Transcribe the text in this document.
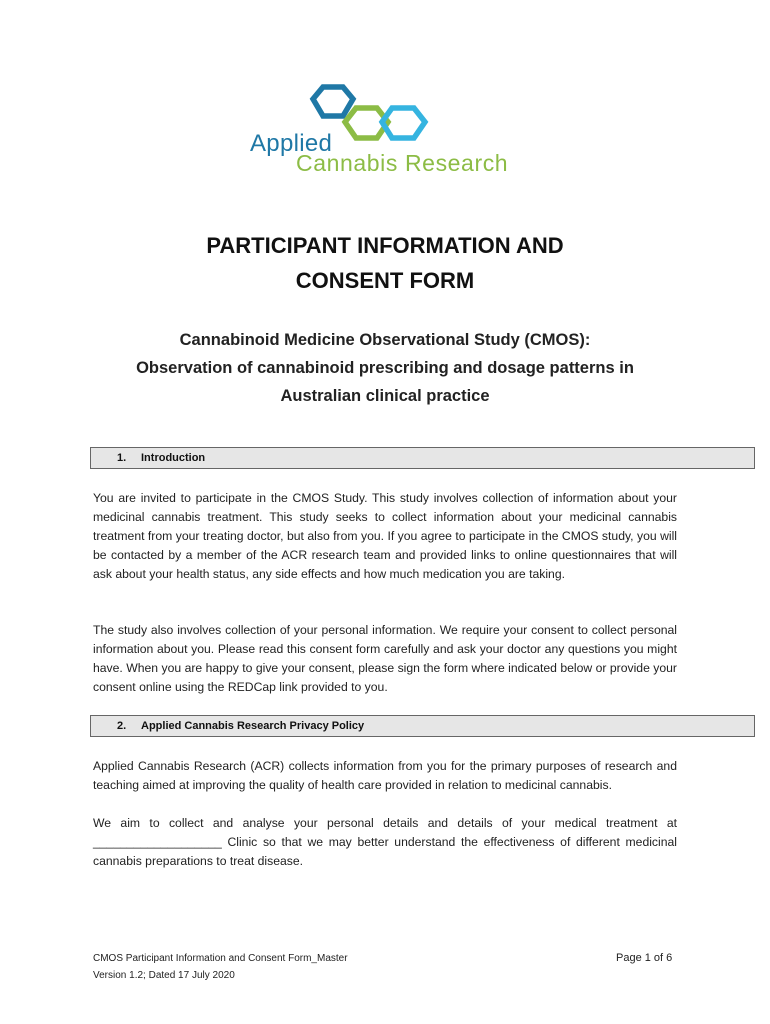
Applied
Cannabis Research
PARTICIPANT INFORMATION AND
CONSENT FORM
Cannabinoid Medicine Observational Study (CMOS):
Observation of cannabinoid prescribing and dosage patterns in
Australian clinical practice
1. Introduction
You are invited to participate in the CMOS Study. This study involves collection of information about your medicinal cannabis treatment. This study seeks to collect information about your medicinal cannabis treatment from your treating doctor, but also from you. If you agree to participate in the CMOS study, you will be contacted by a member of the ACR research team and provided links to online questionnaires that will ask about your health status, any side effects and how much medication you are taking.
The study also involves collection of your personal information. We require your consent to collect personal information about you. Please read this consent form carefully and ask your doctor any questions you might have. When you are happy to give your consent, please sign the form where indicated below or provide your consent online using the REDCap link provided to you.
2. Applied Cannabis Research Privacy Policy
Applied Cannabis Research (ACR) collects information from you for the primary purposes of research and teaching aimed at improving the quality of health care provided in relation to medicinal cannabis.
We aim to collect and analyse your personal details and details of your medical treatment at ___________________ Clinic so that we may better understand the effectiveness of different medicinal cannabis preparations to treat disease.
CMOS Participant Information and Consent Form_Master
Version 1.2; Dated 17 July 2020
Page 1 of 6
